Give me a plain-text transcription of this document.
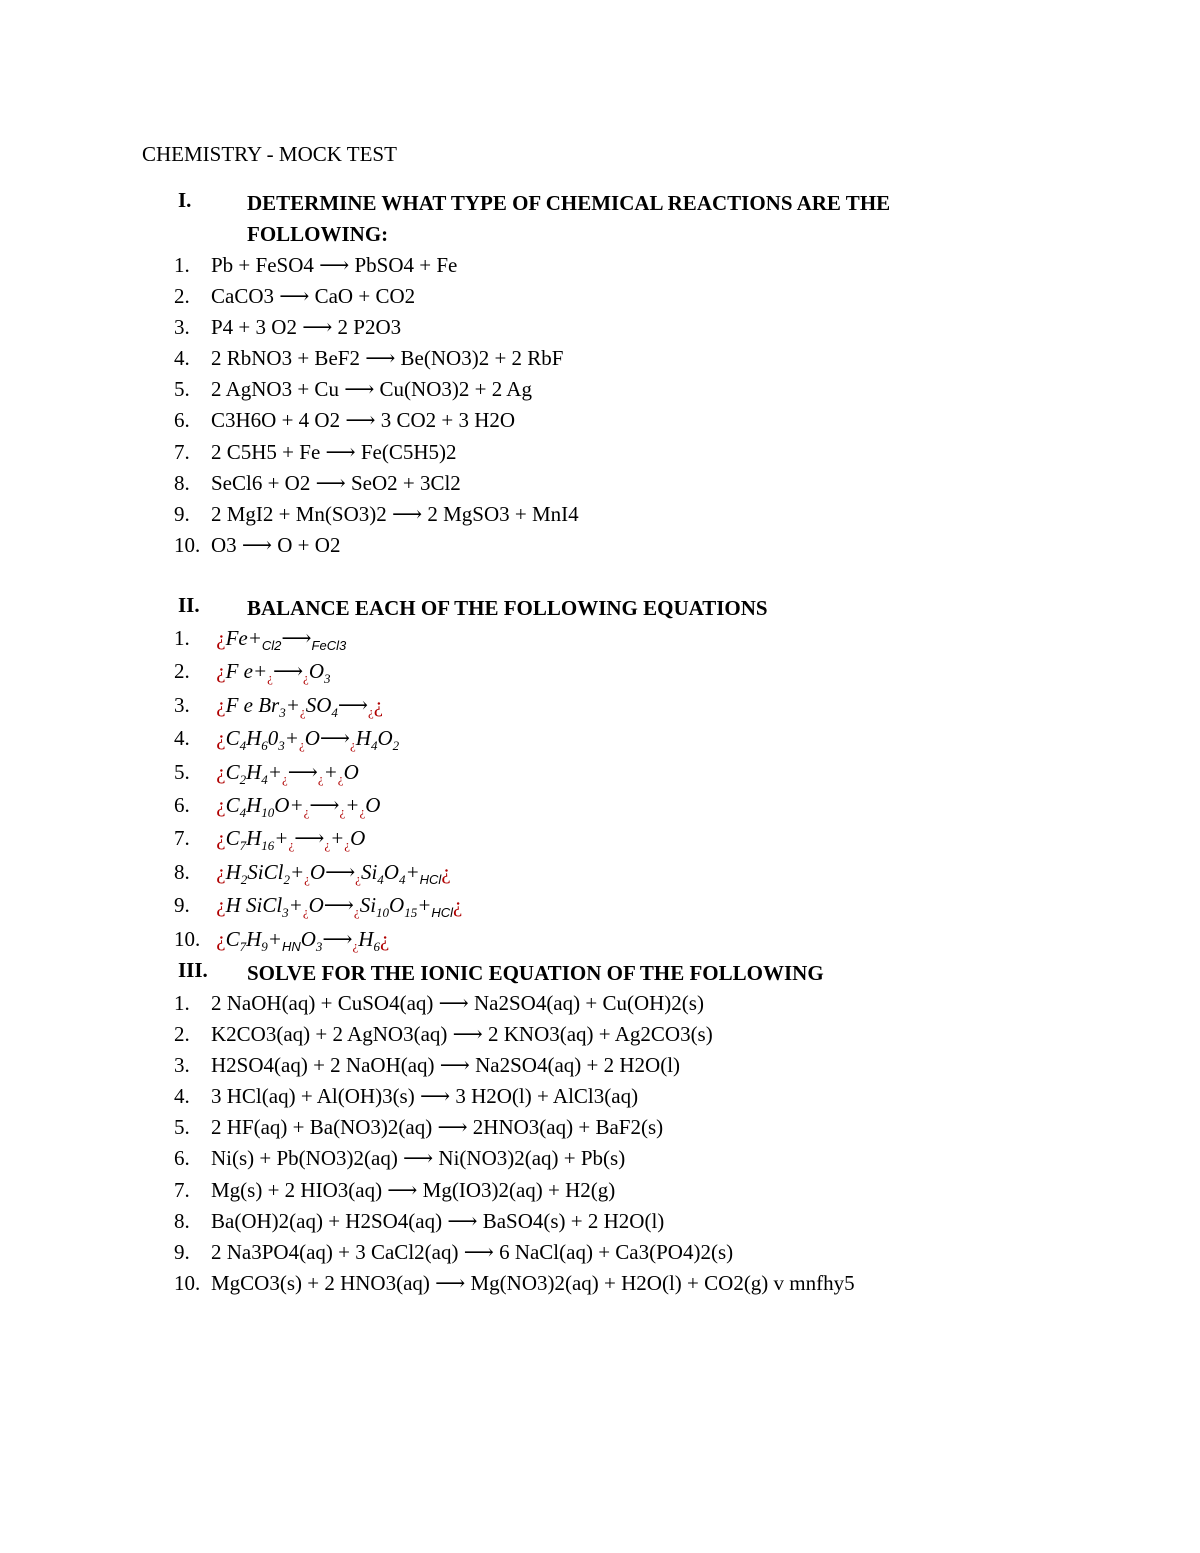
CHEMISTRY - MOCK TEST
I.	DETERMINE WHAT TYPE OF CHEMICAL REACTIONS ARE THE FOLLOWING:
1. Pb + FeSO4 ⟶ PbSO4 + Fe
2. CaCO3 ⟶ CaO + CO2
3. P4 + 3 O2 ⟶ 2 P2O3
4. 2 RbNO3 + BeF2 ⟶ Be(NO3)2 + 2 RbF
5. 2 AgNO3 + Cu ⟶ Cu(NO3)2 + 2 Ag
6. C3H6O + 4 O2 ⟶ 3 CO2 + 3 H2O
7. 2 C5H5 + Fe ⟶ Fe(C5H5)2
8. SeCl6 + O2 ⟶ SeO2 + 3Cl2
9. 2 MgI2 + Mn(SO3)2 ⟶ 2 MgSO3 + MnI4
10. O3 ⟶ O + O2
II. BALANCE EACH OF THE FOLLOWING EQUATIONS
1. ¿$Fe+_{Cl2}⟶_{FeCl3}$
2. ¿F $e+¿⟶¿O_3$
3. ¿F e $Br_3+¿SO_4⟶¿¿$
4. ¿$C_4H_60_3+¿O⟶¿H_4O_2$
5. ¿$C_2H_4+¿⟶¿+¿O$
6. ¿$C_4H_{10}O+¿⟶¿+¿O$
7. ¿$C_7H_{16}+¿⟶¿+¿O$
8. ¿$H_2SiCl_2+¿O⟶¿Si_4O_4+_{HCl}¿$
9. ¿H $SiCl_3+¿O⟶¿Si_{10}O_{15}+_{HCl}¿$
10. ¿$C_7H_9+_{HN}O_3⟶¿H_6¿$
III. SOLVE FOR THE IONIC EQUATION OF THE FOLLOWING
1. 2 NaOH(aq) + CuSO4(aq) ⟶ Na2SO4(aq) + Cu(OH)2(s)
2. K2CO3(aq) + 2 AgNO3(aq) ⟶ 2 KNO3(aq) + Ag2CO3(s)
3. H2SO4(aq) + 2 NaOH(aq) ⟶ Na2SO4(aq) + 2 H2O(l)
4. 3 HCl(aq) + Al(OH)3(s) ⟶ 3 H2O(l) + AlCl3(aq)
5. 2 HF(aq) + Ba(NO3)2(aq) ⟶ 2HNO3(aq) + BaF2(s)
6. Ni(s) + Pb(NO3)2(aq) ⟶ Ni(NO3)2(aq) + Pb(s)
7. Mg(s) + 2 HIO3(aq) ⟶ Mg(IO3)2(aq) + H2(g)
8. Ba(OH)2(aq) + H2SO4(aq) ⟶ BaSO4(s) + 2 H2O(l)
9. 2 Na3PO4(aq) + 3 CaCl2(aq) ⟶ 6 NaCl(aq) + Ca3(PO4)2(s)
10. MgCO3(s) + 2 HNO3(aq) ⟶ Mg(NO3)2(aq) + H2O(l) + CO2(g) v mnfhy5
